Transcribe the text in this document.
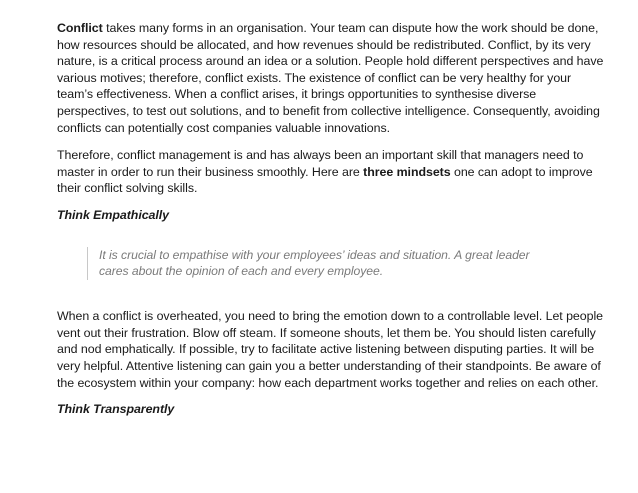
Conflict takes many forms in an organisation. Your team can dispute how the work should be done, how resources should be allocated, and how revenues should be redistributed. Conflict, by its very nature, is a critical process around an idea or a solution. People hold different perspectives and have various motives; therefore, conflict exists. The existence of conflict can be very healthy for your team’s effectiveness. When a conflict arises, it brings opportunities to synthesise diverse perspectives, to test out solutions, and to benefit from collective intelligence. Consequently, avoiding conflicts can potentially cost companies valuable innovations.

Therefore, conflict management is and has always been an important skill that managers need to master in order to run their business smoothly. Here are three mindsets one can adopt to improve their conflict solving skills.

Think Empathically

It is crucial to empathise with your employees’ ideas and situation. A great leader cares about the opinion of each and every employee.

When a conflict is overheated, you need to bring the emotion down to a controllable level. Let people vent out their frustration. Blow off steam. If someone shouts, let them be. You should listen carefully and nod emphatically. If possible, try to facilitate active listening between disputing parties. It will be very helpful. Attentive listening can gain you a better understanding of their standpoints. Be aware of the ecosystem within your company: how each department works together and relies on each other.

Think Transparently
